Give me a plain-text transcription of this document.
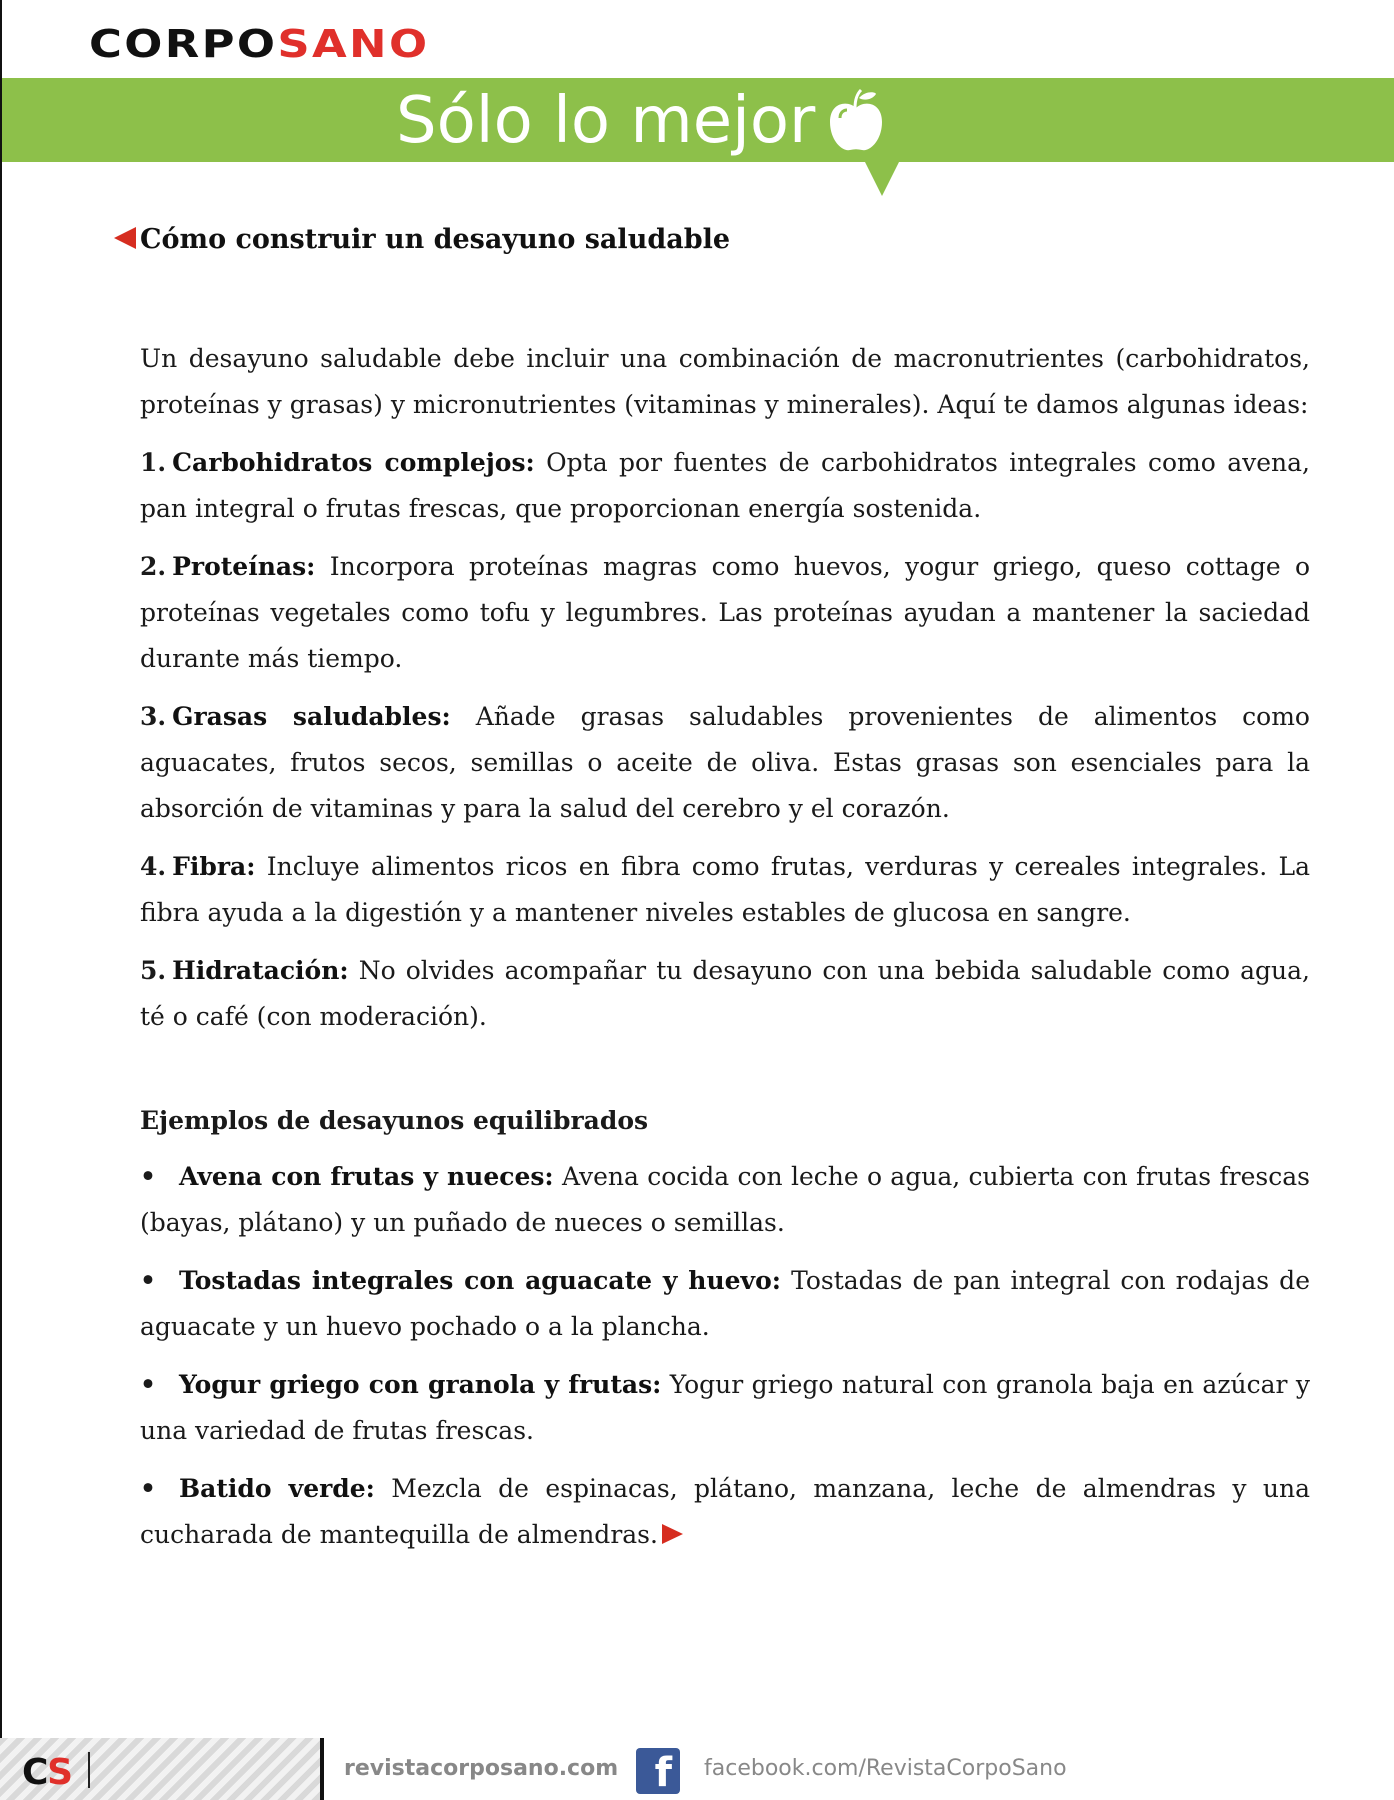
CORPOSANO
Sólo lo mejor
Cómo construir un desayuno saludable

Un desayuno saludable debe incluir una combinación de macronutrientes (carbohidratos, proteínas y grasas) y micronutrientes (vitaminas y minerales). Aquí te damos algunas ideas:

1. Carbohidratos complejos: Opta por fuentes de carbohidratos integrales como avena, pan integral o frutas frescas, que proporcionan energía sostenida.

2. Proteínas: Incorpora proteínas magras como huevos, yogur griego, queso cottage o proteínas vegetales como tofu y legumbres. Las proteínas ayudan a mantener la saciedad durante más tiempo.

3. Grasas saludables: Añade grasas saludables provenientes de alimentos como aguacates, frutos secos, semillas o aceite de oliva. Estas grasas son esenciales para la absorción de vitaminas y para la salud del cerebro y el corazón.

4. Fibra: Incluye alimentos ricos en fibra como frutas, verduras y cereales integrales. La fibra ayuda a la digestión y a mantener niveles estables de glucosa en sangre.

5. Hidratación: No olvides acompañar tu desayuno con una bebida saludable como agua, té o café (con moderación).

Ejemplos de desayunos equilibrados

• Avena con frutas y nueces: Avena cocida con leche o agua, cubierta con frutas frescas (bayas, plátano) y un puñado de nueces o semillas.

• Tostadas integrales con aguacate y huevo: Tostadas de pan integral con rodajas de aguacate y un huevo pochado o a la plancha.

• Yogur griego con granola y frutas: Yogur griego natural con granola baja en azúcar y una variedad de frutas frescas.

• Batido verde: Mezcla de espinacas, plátano, manzana, leche de almendras y una cucharada de mantequilla de almendras.

CS	revistacorposano.com f	facebook.com/RevistaCorpoSano
